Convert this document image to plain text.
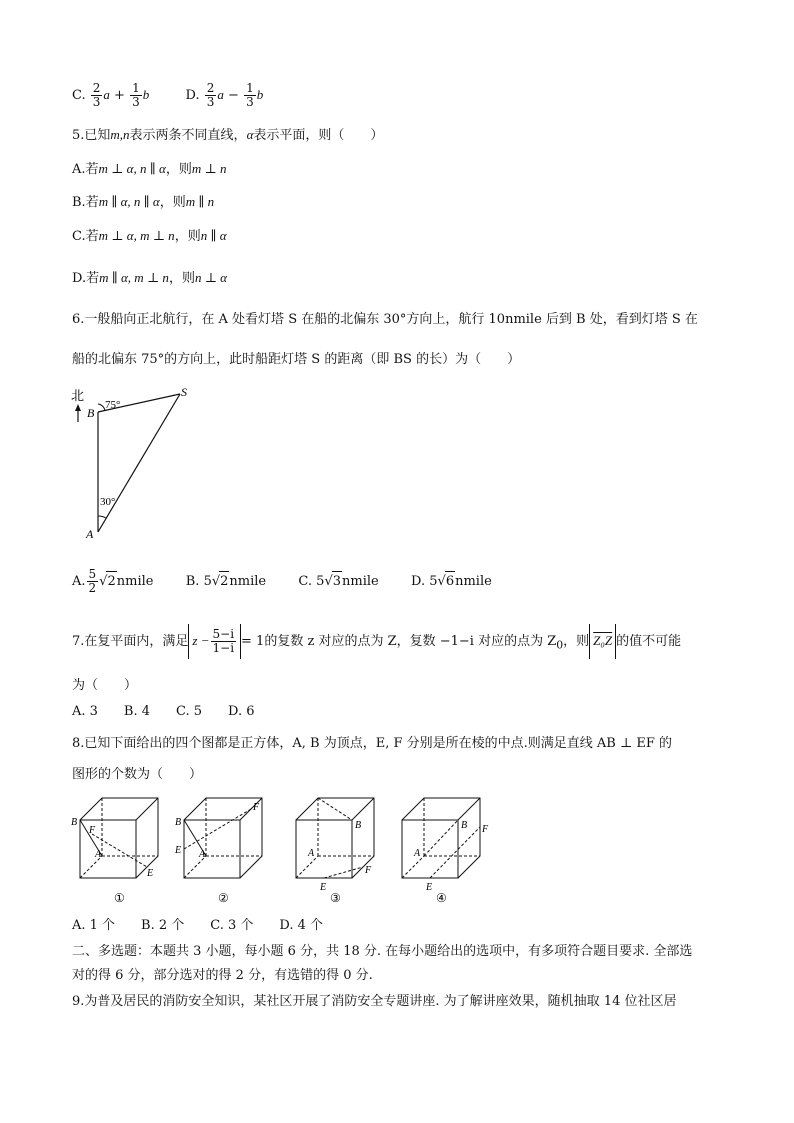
C. $\frac{2}{3}$ $a + \frac{1}{3}$ b	D. $\frac{2}{3}$ $a - \frac{1}{3}$ b
5.已知m,n表示两条不同直线，α表示平面，则（　　）
A.若m ⊥ α, n ∥ α，则m ⊥ n
B.若m ∥ α, n ∥ α，则m ∥ n
C.若m ⊥ α, m ⊥ n，则n ∥ α
D.若m ∥ α, m ⊥ n，则n ⊥ α
6.一般船向正北航行，在 A 处看灯塔 S 在船的北偏东 30°方向上，航行 10nmile 后到 B 处，看到灯塔 S 在
船的北偏东 75°的方向上，此时船距灯塔 S 的距离（即 BS 的长）为（　　）
北
B
75°
S
30°
A
A. $\frac{5}{2}$ √2nmile B. 5√2nmile C. 5√3nmile D. 5√6nmile
7.在复平面内，满足 $z - \frac{5-i}{1-i} = 1$的复数 z 对应的点为 Z，复数 −1−i 对应的点为 $Z_0$，则 Z₀Z 的值不可能
为（　　）
A. 3　　B. 4　　C. 5　　D. 6
8.已知下面给出的四个图都是正方体，A, B 为顶点，E, F 分别是所在棱的中点.则满足直线 AB ⊥ EF 的
图形的个数为（　　）
B
F
A
E
①
B
F
E A
②
B
A
F
E
③
B F
A
E
④
A. 1 个　　B. 2 个　　C. 3 个　　D. 4 个
二、多选题：本题共 3 小题，每小题 6 分，共 18 分. 在每小题给出的选项中，有多项符合题目要求. 全部选
对的得 6 分，部分选对的得 2 分，有选错的得 0 分.
9.为普及居民的消防安全知识，某社区开展了消防安全专题讲座. 为了解讲座效果，随机抽取 14 位社区居
